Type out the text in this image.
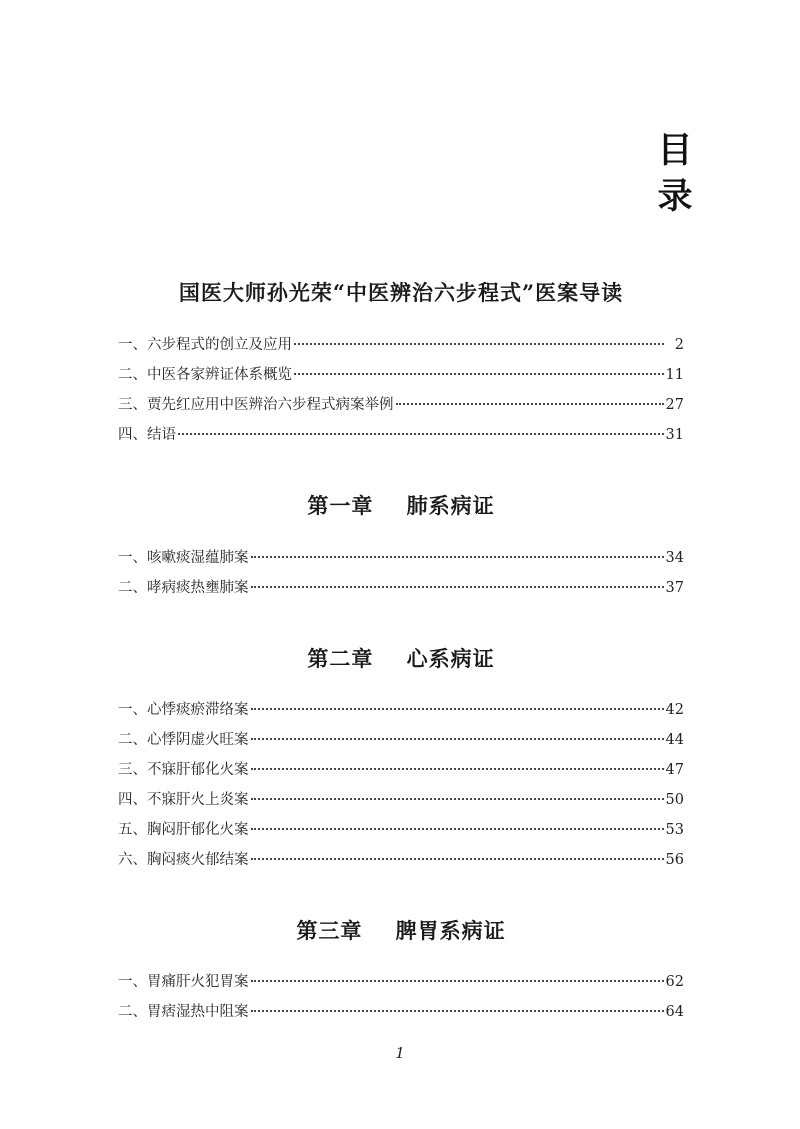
目
录
国医大师孙光荣“中医辨治六步程式”医案导读
一、六步程式的创立及应用	2
二、中医各家辨证体系概览	11
三、贾先红应用中医辨治六步程式病案举例	27
四、结语	31
第一章    肺系病证
一、咳嗽痰湿蕴肺案	34
二、哮病痰热壅肺案	37
第二章    心系病证
一、心悸痰瘀滞络案	42
二、心悸阴虚火旺案	44
三、不寐肝郁化火案	47
四、不寐肝火上炎案	50
五、胸闷肝郁化火案	53
六、胸闷痰火郁结案	56
第三章    脾胃系病证
一、胃痛肝火犯胃案	62
二、胃痞湿热中阻案	64
1
